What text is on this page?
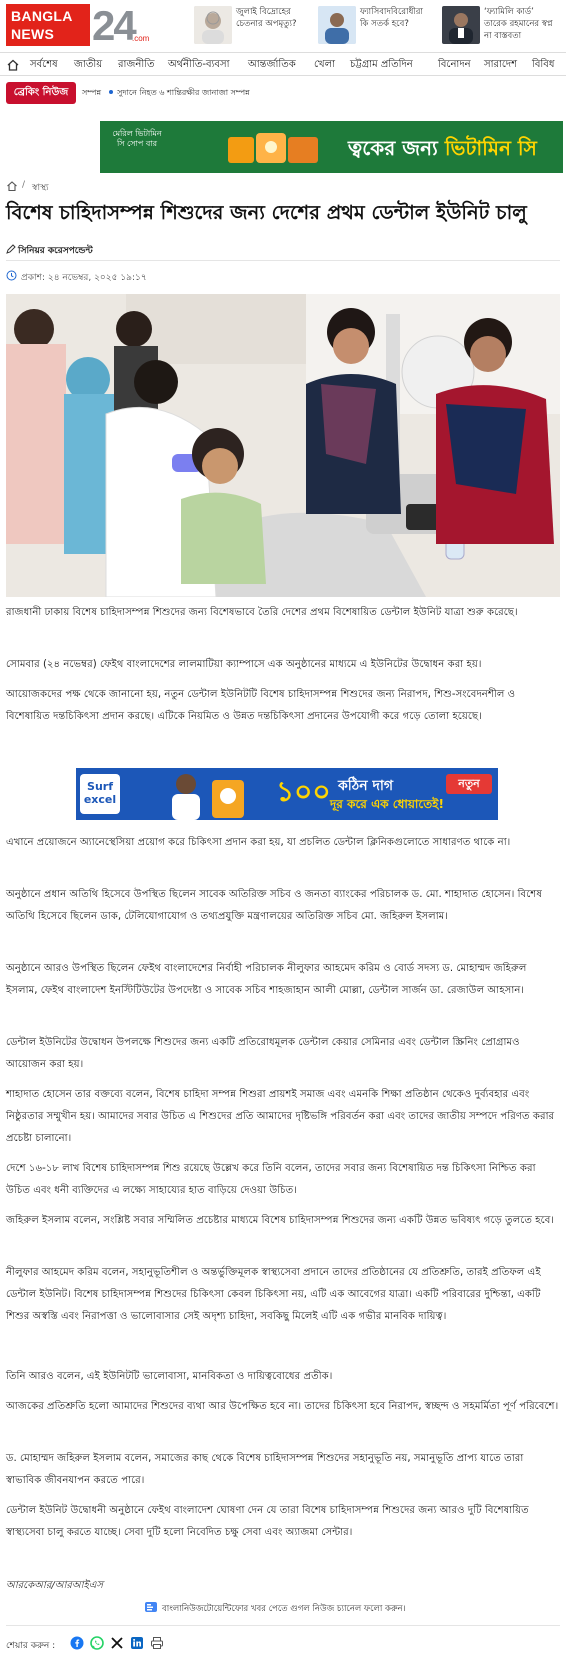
BANGLA
NEWS 24
.com
জুলাই বিদ্রোহের চেতনার অপমৃত্যু?
ফ্যাসিবাদবিরোধীরা কি সতর্ক হবে?
‘ফ্যামিলি কার্ড’ তারেক রহমানের স্বপ্ন না বাস্তবতা
সর্বশেষ জাতীয় রাজনীতি অর্থনীতি-ব্যবসা আন্তর্জাতিক খেলা চট্টগ্রাম প্রতিদিন	বিনোদন সারাদেশ বিবিধ
ব্রেকিং নিউজ	সম্পন্ন সুদানে নিহত ৬ শান্তিরক্ষীর জানাজা সম্পন্ন
মেরিল ভিটামিন সি সোপ বার	ত্বকের জন্য ভিটামিন সি
/ স্বাস্থ্য
বিশেষ চাহিদাসম্পন্ন শিশুদের জন্য দেশের প্রথম ডেন্টাল ইউনিট চালু
সিনিয়র করেসপন্ডেন্ট
প্রকাশ: ২৪ নভেম্বর, ২০২৫ ১৯:১৭

রাজধানী ঢাকায় বিশেষ চাহিদাসম্পন্ন শিশুদের জন্য বিশেষভাবে তৈরি দেশের প্রথম বিশেষায়িত ডেন্টাল ইউনিট যাত্রা শুরু করেছে।

সোমবার (২৪ নভেম্বর) ফেইথ বাংলাদেশের লালমাটিয়া ক্যাম্পাসে এক অনুষ্ঠানের মাধ্যমে এ ইউনিটের উদ্বোধন করা হয়।

আয়োজকদের পক্ষ থেকে জানানো হয়, নতুন ডেন্টাল ইউনিটটি বিশেষ চাহিদাসম্পন্ন শিশুদের জন্য নিরাপদ, শিশু-সংবেদনশীল ও বিশেষায়িত দন্তচিকিৎসা প্রদান করছে। এটিকে নিয়মিত ও উন্নত দন্তচিকিৎসা প্রদানের উপযোগী করে গড়ে তোলা হয়েছে।

Surf
excel	১০০ কঠিন দাগ
দূর করে এক ধোয়াতেই!
নতুন

এখানে প্রয়োজনে অ্যানেস্থেসিয়া প্রয়োগ করে চিকিৎসা প্রদান করা হয়, যা প্রচলিত ডেন্টাল ক্লিনিকগুলোতে সাধারণত থাকে না।

অনুষ্ঠানে প্রধান অতিথি হিসেবে উপস্থিত ছিলেন সাবেক অতিরিক্ত সচিব ও জনতা ব্যাংকের পরিচালক ড. মো. শাহাদাত হোসেন। বিশেষ অতিথি হিসেবে ছিলেন ডাক, টেলিযোগাযোগ ও তথ্যপ্রযুক্তি মন্ত্রণালয়ের অতিরিক্ত সচিব মো. জহিরুল ইসলাম।

অনুষ্ঠানে আরও উপস্থিত ছিলেন ফেইথ বাংলাদেশের নির্বাহী পরিচালক নীলুফার আহমেদ করিম ও বোর্ড সদস্য ড. মোহাম্মদ জহিরুল ইসলাম, ফেইথ বাংলাদেশ ইনস্টিটিউটের উপদেষ্টা ও সাবেক সচিব শাহজাহান আলী মোল্লা, ডেন্টাল সার্জন ডা. রেজাউল আহসান।

ডেন্টাল ইউনিটের উদ্বোধন উপলক্ষে শিশুদের জন্য একটি প্রতিরোধমূলক ডেন্টাল কেয়ার সেমিনার এবং ডেন্টাল স্ক্রিনিং প্রোগ্রামও আয়োজন করা হয়।

শাহাদাত হোসেন তার বক্তব্যে বলেন, বিশেষ চাহিদা সম্পন্ন শিশুরা প্রায়শই সমাজ এবং এমনকি শিক্ষা প্রতিষ্ঠান থেকেও দুর্ব্যবহার এবং নিষ্ঠুরতার সম্মুখীন হয়। আমাদের সবার উচিত এ শিশুদের প্রতি আমাদের দৃষ্টিভঙ্গি পরিবর্তন করা এবং তাদের জাতীয় সম্পদে পরিণত করার প্রচেষ্টা চালানো।

দেশে ১৬-১৮ লাখ বিশেষ চাহিদাসম্পন্ন শিশু রয়েছে উল্লেখ করে তিনি বলেন, তাদের সবার জন্য বিশেষায়িত দন্ত চিকিৎসা নিশ্চিত করা উচিত এবং ধনী ব্যক্তিদের এ লক্ষ্যে সাহায্যের হাত বাড়িয়ে দেওয়া উচিত।

জহিরুল ইসলাম বলেন, সংশ্লিষ্ট সবার সম্মিলিত প্রচেষ্টার মাধ্যমে বিশেষ চাহিদাসম্পন্ন শিশুদের জন্য একটি উন্নত ভবিষ্যৎ গড়ে তুলতে হবে।

নীলুফার আহমেদ করিম বলেন, সহানুভূতিশীল ও অন্তর্ভুক্তিমূলক স্বাস্থ্যসেবা প্রদানে তাদের প্রতিষ্ঠানের যে প্রতিশ্রুতি, তারই প্রতিফল এই ডেন্টাল ইউনিট। বিশেষ চাহিদাসম্পন্ন শিশুদের চিকিৎসা কেবল চিকিৎসা নয়, এটি এক আবেগের যাত্রা। একটি পরিবারের দুশ্চিন্তা, একটি শিশুর অস্বস্তি এবং নিরাপত্তা ও ভালোবাসার সেই অদৃশ্য চাহিদা, সবকিছু মিলেই এটি এক গভীর মানবিক দায়িত্ব।

তিনি আরও বলেন, এই ইউনিটটি ভালোবাসা, মানবিকতা ও দায়িত্ববোধের প্রতীক।

আজকের প্রতিশ্রুতি হলো আমাদের শিশুদের ব্যথা আর উপেক্ষিত হবে না। তাদের চিকিৎসা হবে নিরাপদ, স্বচ্ছন্দ ও সহমর্মিতা পূর্ণ পরিবেশে।

ড. মোহাম্মদ জহিরুল ইসলাম বলেন, সমাজের কাছ থেকে বিশেষ চাহিদাসম্পন্ন শিশুদের সহানুভূতি নয়, সমানুভূতি প্রাপ্য যাতে তারা স্বাভাবিক জীবনযাপন করতে পারে।

ডেন্টাল ইউনিট উদ্বোধনী অনুষ্ঠানে ফেইথ বাংলাদেশ ঘোষণা দেন যে তারা বিশেষ চাহিদাসম্পন্ন শিশুদের জন্য আরও দুটি বিশেষায়িত স্বাস্থ্যসেবা চালু করতে যাচ্ছে। সেবা দুটি হলো নিবেদিত চক্ষু সেবা এবং অ্যাজমা সেন্টার।

আরকেআর/আরআইএস
বাংলানিউজটোয়েন্টিফোর খবর পেতে গুগল নিউজ চ্যানেল ফলো করুন।
শেয়ার করুন :
